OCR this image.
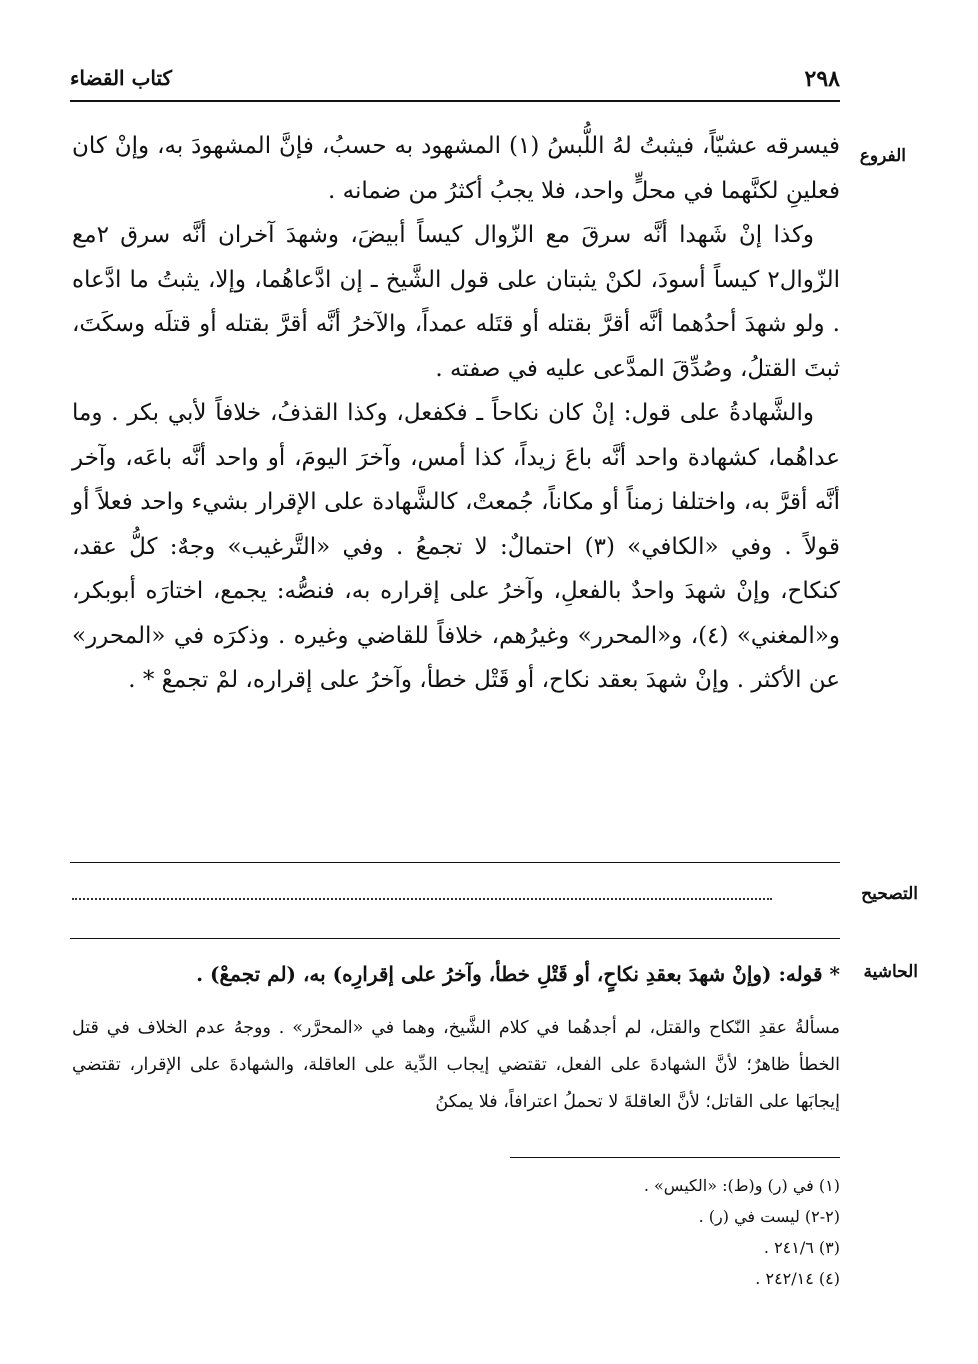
٢٩٨
كتاب القضاء
الفروع

فيسرقه عشيّاً، فيثبتُ لهُ اللُّبسُ (١) المشهود به حسبُ، فإنَّ المشهودَ به، وإنْ كان فعلينِ لكنَّهما في محلٍّ واحد، فلا يجبُ أكثرُ من ضمانه .

وكذا إنْ شَهدا أنَّه سرقَ مع الزّوال كيساً أبيضَ، وشهدَ آخران أنَّه سرق ٢مع الزّوال٢ كيساً أسودَ، لكنْ يثبتان على قول الشَّيخ ـ إن ادَّعاهُما، وإلا، يثبتُ ما ادَّعاه . ولو شهدَ أحدُهما أنَّه أقرَّ بقتله أو قتَله عمداً، والآخرُ أنَّه أقرَّ بقتله أو قتلَه وسكَتَ، ثبتَ القتلُ، وصُدِّقَ المدَّعى عليه في صفته .

والشَّهادةُ على قول: إنْ كان نكاحاً ـ فكفعل، وكذا القذفُ، خلافاً لأبي بكر . وما عداهُما، كشهادة واحد أنَّه باعَ زيداً، كذا أمس، وآخرَ اليومَ، أو واحد أنَّه باعَه، وآخر أنَّه أقرَّ به، واختلفا زمناً أو مكاناً، جُمعتْ، كالشَّهادة على الإقرار بشيء واحد فعلاً أو قولاً . وفي «الكافي» (٣) احتمالٌ: لا تجمعُ . وفي «التَّرغيب» وجهٌ: كلُّ عقد، كنكاح، وإنْ شهدَ واحدٌ بالفعلِ، وآخرُ على إقراره به، فنصُّه: يجمع، اختارَه أبوبكر، و«المغني» (٤)، و«المحرر» وغيرُهم، خلافاً للقاضي وغيره . وذكرَه في «المحرر» عن الأكثر . وإنْ شهدَ بعقد نكاح، أو قَتْل خطأ، وآخرُ على إقراره، لمْ تجمعْ * .

التصحيح
الحاشية
* قوله: (وإنْ شهدَ بعقدِ نكاحٍ، أو قَتْلِ خطأ، وآخرُ على إقرارِه) به، (لم تجمعْ) .

مسألةُ عقدِ النّكاح والقتل، لم أجدهُما في كلام الشَّيخ، وهما في «المحرَّر» . ووجهُ عدم الخلاف في قتل الخطأ ظاهرٌ؛ لأنَّ الشهادةَ على الفعل، تقتضي إيجاب الدِّية على العاقلة، والشهادةَ على الإقرار، تقتضي إيجابَها على القاتل؛ لأنَّ العاقلةَ لا تحملُ اعترافاً، فلا يمكنُ

(١) في (ر) و(ط): «الكيس» .
(٢-٢) ليست في (ر) .
(٣) ٢٤١/٦ .
(٤) ٢٤٢/١٤ .
